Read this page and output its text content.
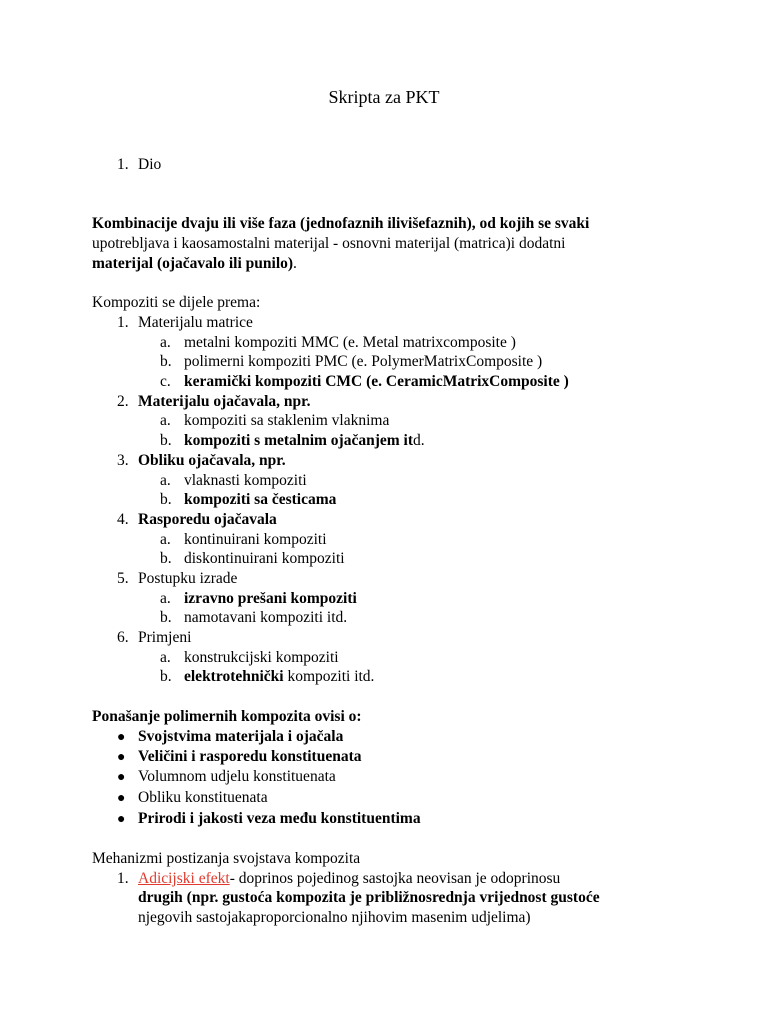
Skripta za PKT
1. Dio
Kombinacije dvaju ili više faza (jednofaznih ilivišefaznih), od kojih se svaki
upotrebljava i kaosamostalni materijal - osnovni materijal (matrica)i dodatni
materijal (ojačavalo ili punilo).
Kompoziti se dijele prema:
1. Materijalu matrice
a. metalni kompoziti MMC (e. Metal matrixcomposite )
b. polimerni kompoziti PMC (e. PolymerMatrixComposite )
c. keramički kompoziti CMC (e. CeramicMatrixComposite )
2. Materijalu ojačavala, npr.
a. kompoziti sa staklenim vlaknima
b. kompoziti s metalnim ojačanjem itd.
3. Obliku ojačavala, npr.
a. vlaknasti kompoziti
b. kompoziti sa česticama
4. Rasporedu ojačavala
a. kontinuirani kompoziti
b. diskontinuirani kompoziti
5. Postupku izrade
a. izravno prešani kompoziti
b. namotavani kompoziti itd.
6. Primjeni
a. konstrukcijski kompoziti
b. elektrotehnički kompoziti itd.
Ponašanje polimernih kompozita ovisi o:
● Svojstvima materijala i ojačala
● Veličini i rasporedu konstituenata
● Volumnom udjelu konstituenata
● Obliku konstituenata
● Prirodi i jakosti veza među konstituentima
Mehanizmi postizanja svojstava kompozita
1. Adicijski efekt- doprinos pojedinog sastojka neovisan je odoprinosu
drugih (npr. gustoća kompozita je približnosrednja vrijednost gustoće
njegovih sastojakaproporcionalno njihovim masenim udjelima)
